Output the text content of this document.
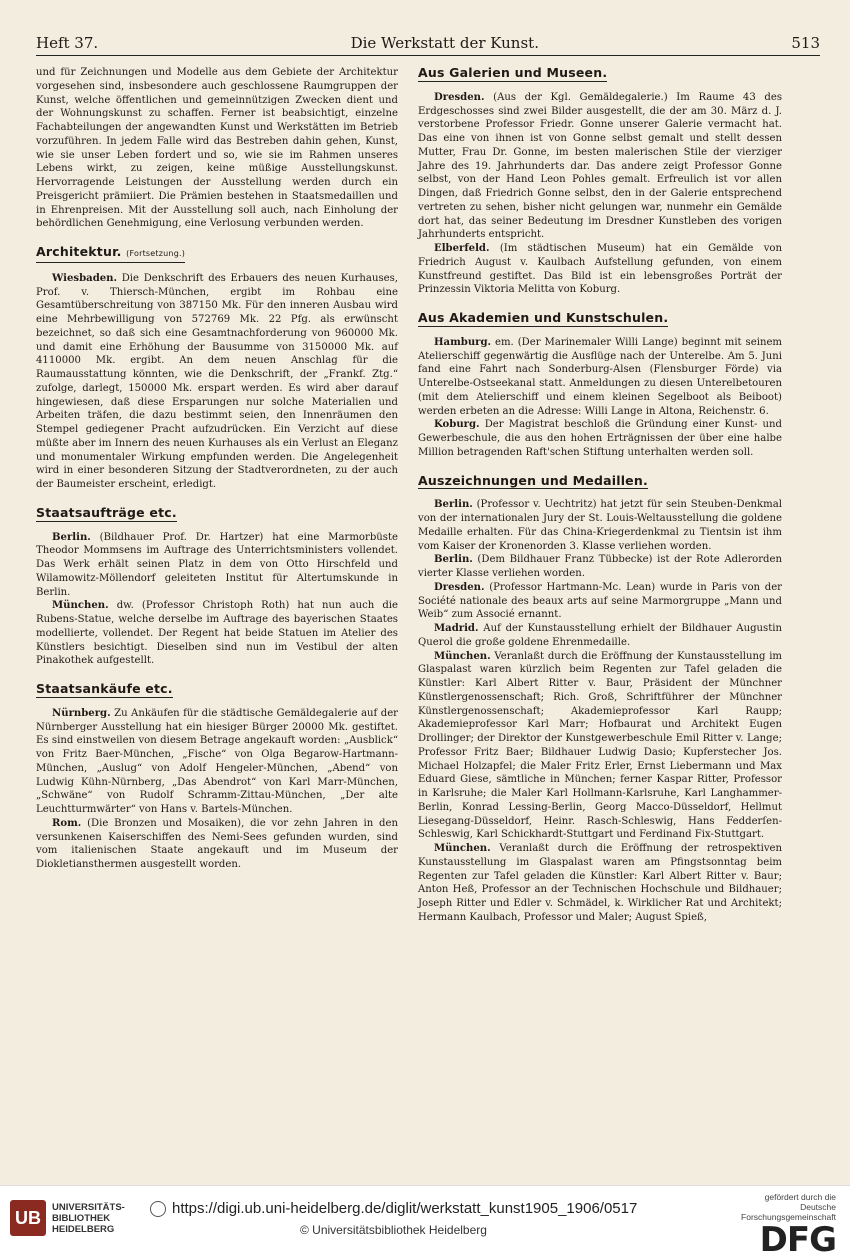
Heft 37.	Die Werkstatt der Kunst.	513

und für Zeichnungen und Modelle aus dem Gebiete der Architektur vorgesehen sind, insbesondere auch geschlossene Raumgruppen der Kunst, welche öffentlichen und gemeinnützigen Zwecken dient und der Wohnungskunst zu schaffen. Ferner ist beabsichtigt, einzelne Fachabteilungen der angewandten Kunst und Werkstätten im Betrieb vorzuführen. In jedem Falle wird das Bestreben dahin gehen, Kunst, wie sie unser Leben fordert und so, wie sie im Rahmen unseres Lebens wirkt, zu zeigen, keine müßige Ausstellungskunst. Hervorragende Leistungen der Ausstellung werden durch ein Preisgericht prämiiert. Die Prämien bestehen in Staatsmedaillen und in Ehrenpreisen. Mit der Ausstellung soll auch, nach Einholung der behördlichen Genehmigung, eine Verlosung verbunden werden.

Architektur. (Fortsetzung.)

Wiesbaden. Die Denkschrift des Erbauers des neuen Kurhauses, Prof. v. Thiersch-München, ergibt im Rohbau eine Gesamtüberschreitung von 387150 Mk. Für den inneren Ausbau wird eine Mehrbewilligung von 572769 Mk. 22 Pfg. als erwünscht bezeichnet, so daß sich eine Gesamtnachforderung von 960000 Mk. und damit eine Erhöhung der Bausumme von 3150000 Mk. auf 4110000 Mk. ergibt. An dem neuen Anschlag für die Raumausstattung könnten, wie die Denkschrift, der „Frankf. Ztg.“ zufolge, darlegt, 150000 Mk. erspart werden. Es wird aber darauf hingewiesen, daß diese Ersparungen nur solche Materialien und Arbeiten träfen, die dazu bestimmt seien, den Innenräumen den Stempel gediegener Pracht aufzudrücken. Ein Verzicht auf diese müßte aber im Innern des neuen Kurhauses als ein Verlust an Eleganz und monumentaler Wirkung empfunden werden. Die Angelegenheit wird in einer besonderen Sitzung der Stadtverordneten, zu der auch der Baumeister erscheint, erledigt.

Staatsaufträge etc.

Berlin. (Bildhauer Prof. Dr. Hartzer) hat eine Marmorbüste Theodor Mommsens im Auftrage des Unterrichtsministers vollendet. Das Werk erhält seinen Platz in dem von Otto Hirschfeld und Wilamowitz-Möllendorf geleiteten Institut für Altertumskunde in Berlin.

München. dw. (Professor Christoph Roth) hat nun auch die Rubens-Statue, welche derselbe im Auftrage des bayerischen Staates modellierte, vollendet. Der Regent hat beide Statuen im Atelier des Künstlers besichtigt. Dieselben sind nun im Vestibul der alten Pinakothek aufgestellt.

Staatsankäufe etc.

Nürnberg. Zu Ankäufen für die städtische Gemäldegalerie auf der Nürnberger Ausstellung hat ein hiesiger Bürger 20000 Mk. gestiftet. Es sind einstweilen von diesem Betrage angekauft worden: „Ausblick“ von Fritz Baer-München, „Fische“ von Olga Begarow-Hartmann-München, „Auslug“ von Adolf Hengeler-München, „Abend“ von Ludwig Kühn-Nürnberg, „Das Abendrot“ von Karl Marr-München, „Schwäne“ von Rudolf Schramm-Zittau-München, „Der alte Leuchtturmwärter“ von Hans v. Bartels-München.

Rom. (Die Bronzen und Mosaiken), die vor zehn Jahren in den versunkenen Kaiserschiffen des Nemi-Sees gefunden wurden, sind vom italienischen Staate angekauft und im Museum der Diokletiansthermen ausgestellt worden.

Aus Galerien und Museen.

Dresden. (Aus der Kgl. Gemäldegalerie.) Im Raume 43 des Erdgeschosses sind zwei Bilder ausgestellt, die der am 30. März d. J. verstorbene Professor Friedr. Gonne unserer Galerie vermacht hat. Das eine von ihnen ist von Gonne selbst gemalt und stellt dessen Mutter, Frau Dr. Gonne, im besten malerischen Stile der vierziger Jahre des 19. Jahrhunderts dar. Das andere zeigt Professor Gonne selbst, von der Hand Leon Pohles gemalt. Erfreulich ist vor allen Dingen, daß Friedrich Gonne selbst, den in der Galerie entsprechend vertreten zu sehen, bisher nicht gelungen war, nunmehr ein Gemälde dort hat, das seiner Bedeutung im Dresdner Kunstleben des vorigen Jahrhunderts entspricht.

Elberfeld. (Im städtischen Museum) hat ein Gemälde von Friedrich August v. Kaulbach Aufstellung gefunden, von einem Kunstfreund gestiftet. Das Bild ist ein lebensgroßes Porträt der Prinzessin Viktoria Melitta von Koburg.

Aus Akademien und Kunstschulen.

Hamburg. em. (Der Marinemaler Willi Lange) beginnt mit seinem Atelierschiff gegenwärtig die Ausflüge nach der Unterelbe. Am 5. Juni fand eine Fahrt nach Sonderburg-Alsen (Flensburger Förde) via Unterelbe-Ostseekanal statt. Anmeldungen zu diesen Unterelbetouren (mit dem Atelierschiff und einem kleinen Segelboot als Beiboot) werden erbeten an die Adresse: Willi Lange in Altona, Reichenstr. 6.

Koburg. Der Magistrat beschloß die Gründung einer Kunst- und Gewerbeschule, die aus den hohen Erträgnissen der über eine halbe Million betragenden Raft'schen Stiftung unterhalten werden soll.

Auszeichnungen und Medaillen.

Berlin. (Professor v. Uechtritz) hat jetzt für sein Steuben-Denkmal von der internationalen Jury der St. Louis-Weltausstellung die goldene Medaille erhalten. Für das China-Kriegerdenkmal zu Tientsin ist ihm vom Kaiser der Kronenorden 3. Klasse verliehen worden.

Berlin. (Dem Bildhauer Franz Tübbecke) ist der Rote Adlerorden vierter Klasse verliehen worden.

Dresden. (Professor Hartmann-Mc. Lean) wurde in Paris von der Société nationale des beaux arts auf seine Marmorgruppe „Mann und Weib“ zum Associé ernannt.

Madrid. Auf der Kunstausstellung erhielt der Bildhauer Augustin Querol die große goldene Ehrenmedaille.

München. Veranlaßt durch die Eröffnung der Kunstausstellung im Glaspalast waren kürzlich beim Regenten zur Tafel geladen die Künstler: Karl Albert Ritter v. Baur, Präsident der Münchner Künstlergenossenschaft; Rich. Groß, Schriftführer der Münchner Künstlergenossenschaft; Akademieprofessor Karl Raupp; Akademieprofessor Karl Marr; Hofbaurat und Architekt Eugen Drollinger; der Direktor der Kunstgewerbeschule Emil Ritter v. Lange; Professor Fritz Baer; Bildhauer Ludwig Dasio; Kupferstecher Jos. Michael Holzapfel; die Maler Fritz Erler, Ernst Liebermann und Max Eduard Giese, sämtliche in München; ferner Kaspar Ritter, Professor in Karlsruhe; die Maler Karl Hollmann-Karlsruhe, Karl Langhammer-Berlin, Konrad Lessing-Berlin, Georg Macco-Düsseldorf, Hellmut Liesegang-Düsseldorf, Heinr. Rasch-Schleswig, Hans Fedderſen-Schleswig, Karl Schickhardt-Stuttgart und Ferdinand Fix-Stuttgart.

München. Veranlaßt durch die Eröffnung der retrospektiven Kunstausstellung im Glaspalast waren am Pfingstsonntag beim Regenten zur Tafel geladen die Künstler: Karl Albert Ritter v. Baur; Anton Heß, Professor an der Technischen Hochschule und Bildhauer; Joseph Ritter und Edler v. Schmädel, k. Wirklicher Rat und Architekt; Hermann Kaulbach, Professor und Maler; August Spieß,

UB
UNIVERSITÄTS-
BIBLIOTHEK
HEIDELBERG
https://digi.ub.uni-heidelberg.de/diglit/werkstatt_kunst1905_1906/0517
© Universitätsbibliothek Heidelberg
gefördert durch die
Deutsche
Forschungsgemeinschaft
DFG
